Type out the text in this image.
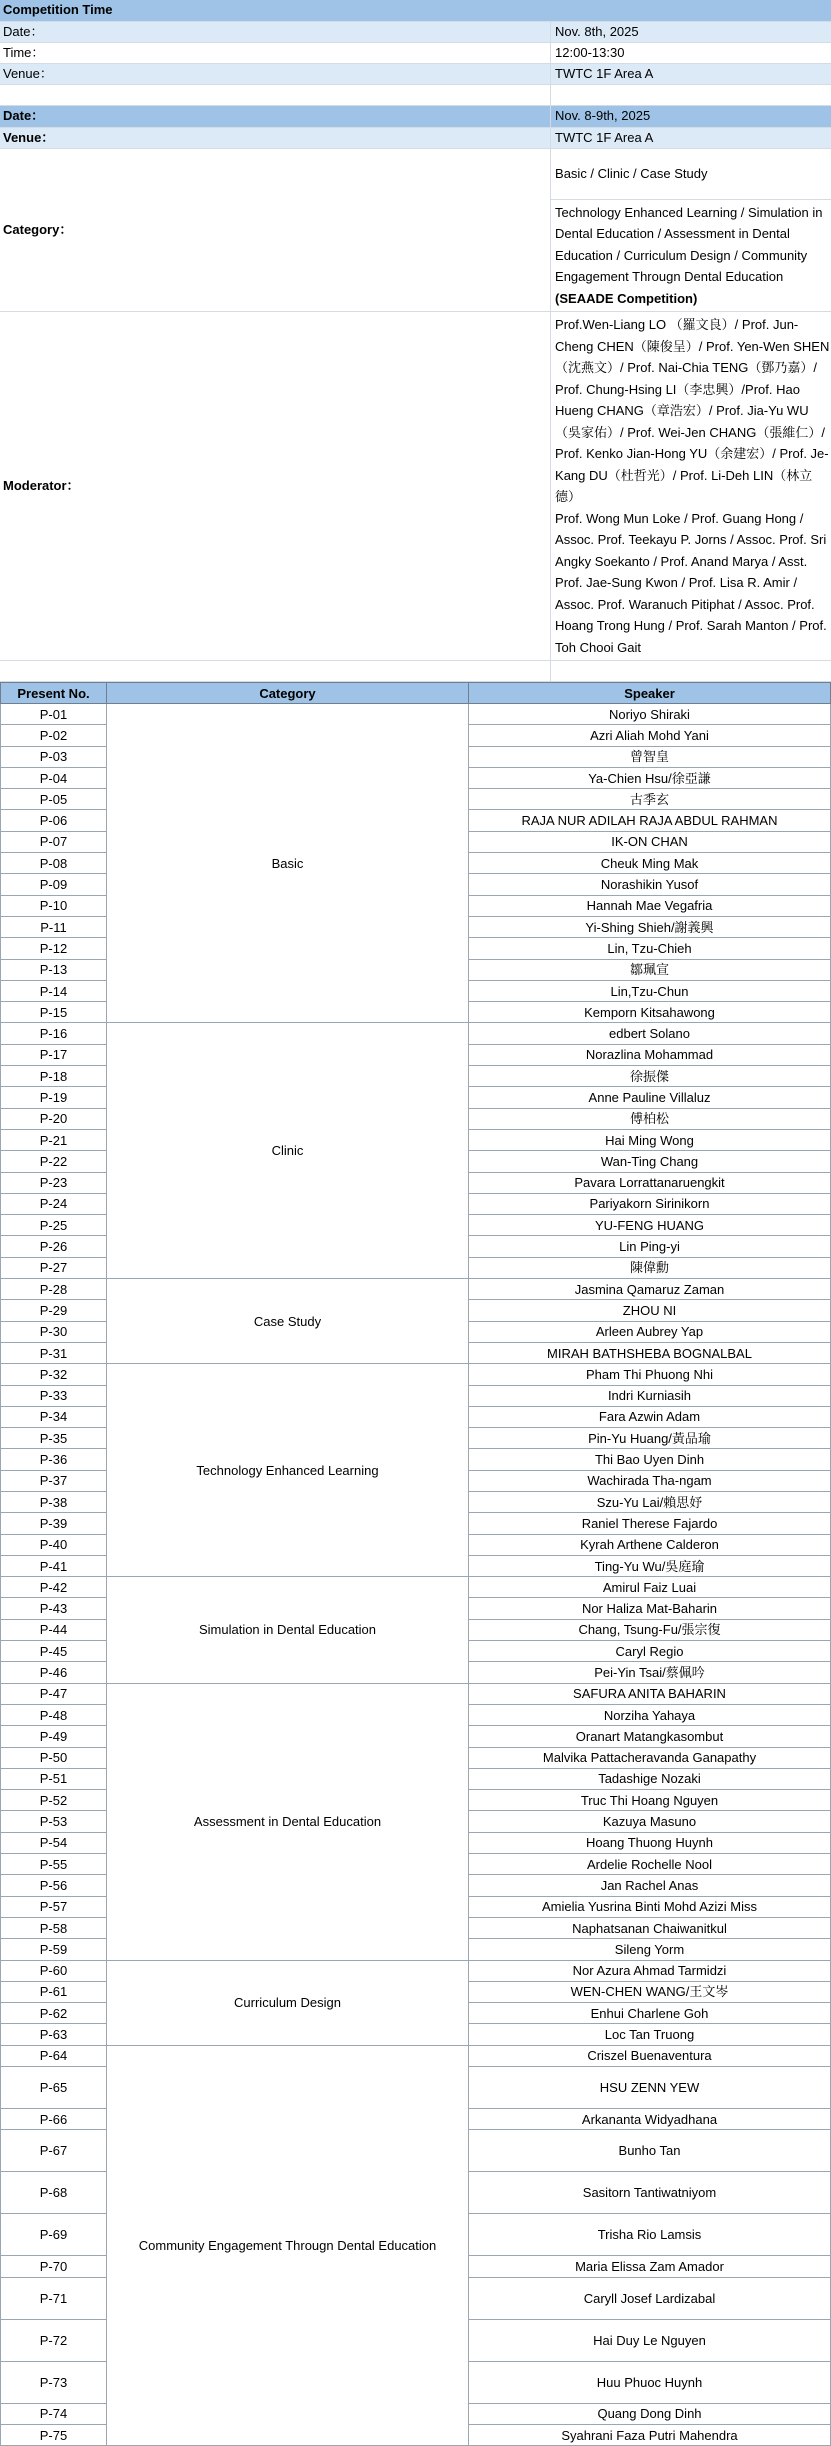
Competition Time	
Date：	Nov. 8th, 2025
Time：	12:00-13:30
Venue：	TWTC 1F Area A

Date：	Nov. 8-9th, 2025
Venue：	TWTC 1F Area A
Category：	Basic / Clinic / Case Study
	Technology Enhanced Learning / Simulation in Dental Education / Assessment in Dental Education / Curriculum Design / Community Engagement Througn Dental Education (SEAADE Competition)
Moderator：	Prof.Wen-Liang LO （羅文良）/ Prof. Jun-Cheng CHEN（陳俊呈）/ Prof. Yen-Wen SHEN（沈燕文）/ Prof. Nai-Chia TENG（鄧乃嘉）/ Prof. Chung-Hsing LI（李忠興）/Prof. Hao Hueng CHANG（章浩宏）/ Prof. Jia-Yu WU（吳家佑）/ Prof. Wei-Jen CHANG（張維仁）/ Prof. Kenko Jian-Hong YU（余建宏）/ Prof. Je-Kang DU（杜哲光）/ Prof. Li-Deh LIN（林立德）
Prof. Wong Mun Loke / Prof. Guang Hong / Assoc. Prof. Teekayu P. Jorns / Assoc. Prof. Sri Angky Soekanto / Prof. Anand Marya / Asst. Prof. Jae-Sung Kwon / Prof. Lisa R. Amir / Assoc. Prof. Waranuch Pitiphat / Assoc. Prof. Hoang Trong Hung / Prof. Sarah Manton / Prof. Toh Chooi Gait

Present No.	Category	Speaker
P-01	Basic	Noriyo Shiraki
P-02		Azri Aliah Mohd Yani
P-03		曾智皇
P-04		Ya-Chien Hsu/徐亞謙
P-05		古季玄
P-06		RAJA NUR ADILAH RAJA ABDUL RAHMAN
P-07		IK-ON CHAN
P-08		Cheuk Ming Mak
P-09		Norashikin Yusof
P-10		Hannah Mae Vegafria
P-11		Yi-Shing Shieh/謝義興
P-12		Lin, Tzu-Chieh
P-13		鄒珮宣
P-14		Lin,Tzu-Chun
P-15		Kemporn Kitsahawong
P-16	Clinic	edbert Solano
P-17		Norazlina Mohammad
P-18		徐振傑
P-19		Anne Pauline Villaluz
P-20		傅柏松
P-21		Hai Ming Wong
P-22		Wan-Ting Chang
P-23		Pavara Lorrattanaruengkit
P-24		Pariyakorn Sirinikorn
P-25		YU-FENG HUANG
P-26		Lin Ping-yi
P-27		陳偉勳
P-28	Case Study	Jasmina Qamaruz Zaman
P-29		ZHOU NI
P-30		Arleen Aubrey Yap
P-31		MIRAH BATHSHEBA BOGNALBAL
P-32	Technology Enhanced Learning	Pham Thi Phuong Nhi
P-33		Indri Kurniasih
P-34		Fara Azwin Adam
P-35		Pin-Yu Huang/黃品瑜
P-36		Thi Bao Uyen Dinh
P-37		Wachirada Tha-ngam
P-38		Szu-Yu Lai/賴思妤
P-39		Raniel Therese Fajardo
P-40		Kyrah Arthene Calderon
P-41		Ting-Yu Wu/吳庭瑜
P-42	Simulation in Dental Education	Amirul Faiz Luai
P-43		Nor Haliza Mat-Baharin
P-44		Chang, Tsung-Fu/張宗復
P-45		Caryl Regio
P-46		Pei-Yin Tsai/蔡佩吟
P-47	Assessment in Dental Education	SAFURA ANITA BAHARIN
P-48		Norziha Yahaya
P-49		Oranart Matangkasombut
P-50		Malvika Pattacheravanda Ganapathy
P-51		Tadashige Nozaki
P-52		Truc Thi Hoang Nguyen
P-53		Kazuya Masuno
P-54		Hoang Thuong Huynh
P-55		Ardelie Rochelle Nool
P-56		Jan Rachel Anas
P-57		Amielia Yusrina Binti Mohd Azizi Miss
P-58		Naphatsanan Chaiwanitkul
P-59		Sileng Yorm
P-60	Curriculum Design	Nor Azura Ahmad Tarmidzi
P-61		WEN-CHEN WANG/王文岑
P-62		Enhui Charlene Goh
P-63		Loc Tan Truong
P-64	Community Engagement Througn Dental Education	Criszel Buenaventura
P-65		HSU ZENN YEW
P-66		Arkananta Widyadhana
P-67		Bunho Tan
P-68		Sasitorn Tantiwatniyom
P-69		Trisha Rio Lamsis
P-70		Maria Elissa Zam Amador
P-71		Caryll Josef Lardizabal
P-72		Hai Duy Le Nguyen
P-73		Huu Phuoc Huynh
P-74		Quang Dong Dinh
P-75		Syahrani Faza Putri Mahendra
